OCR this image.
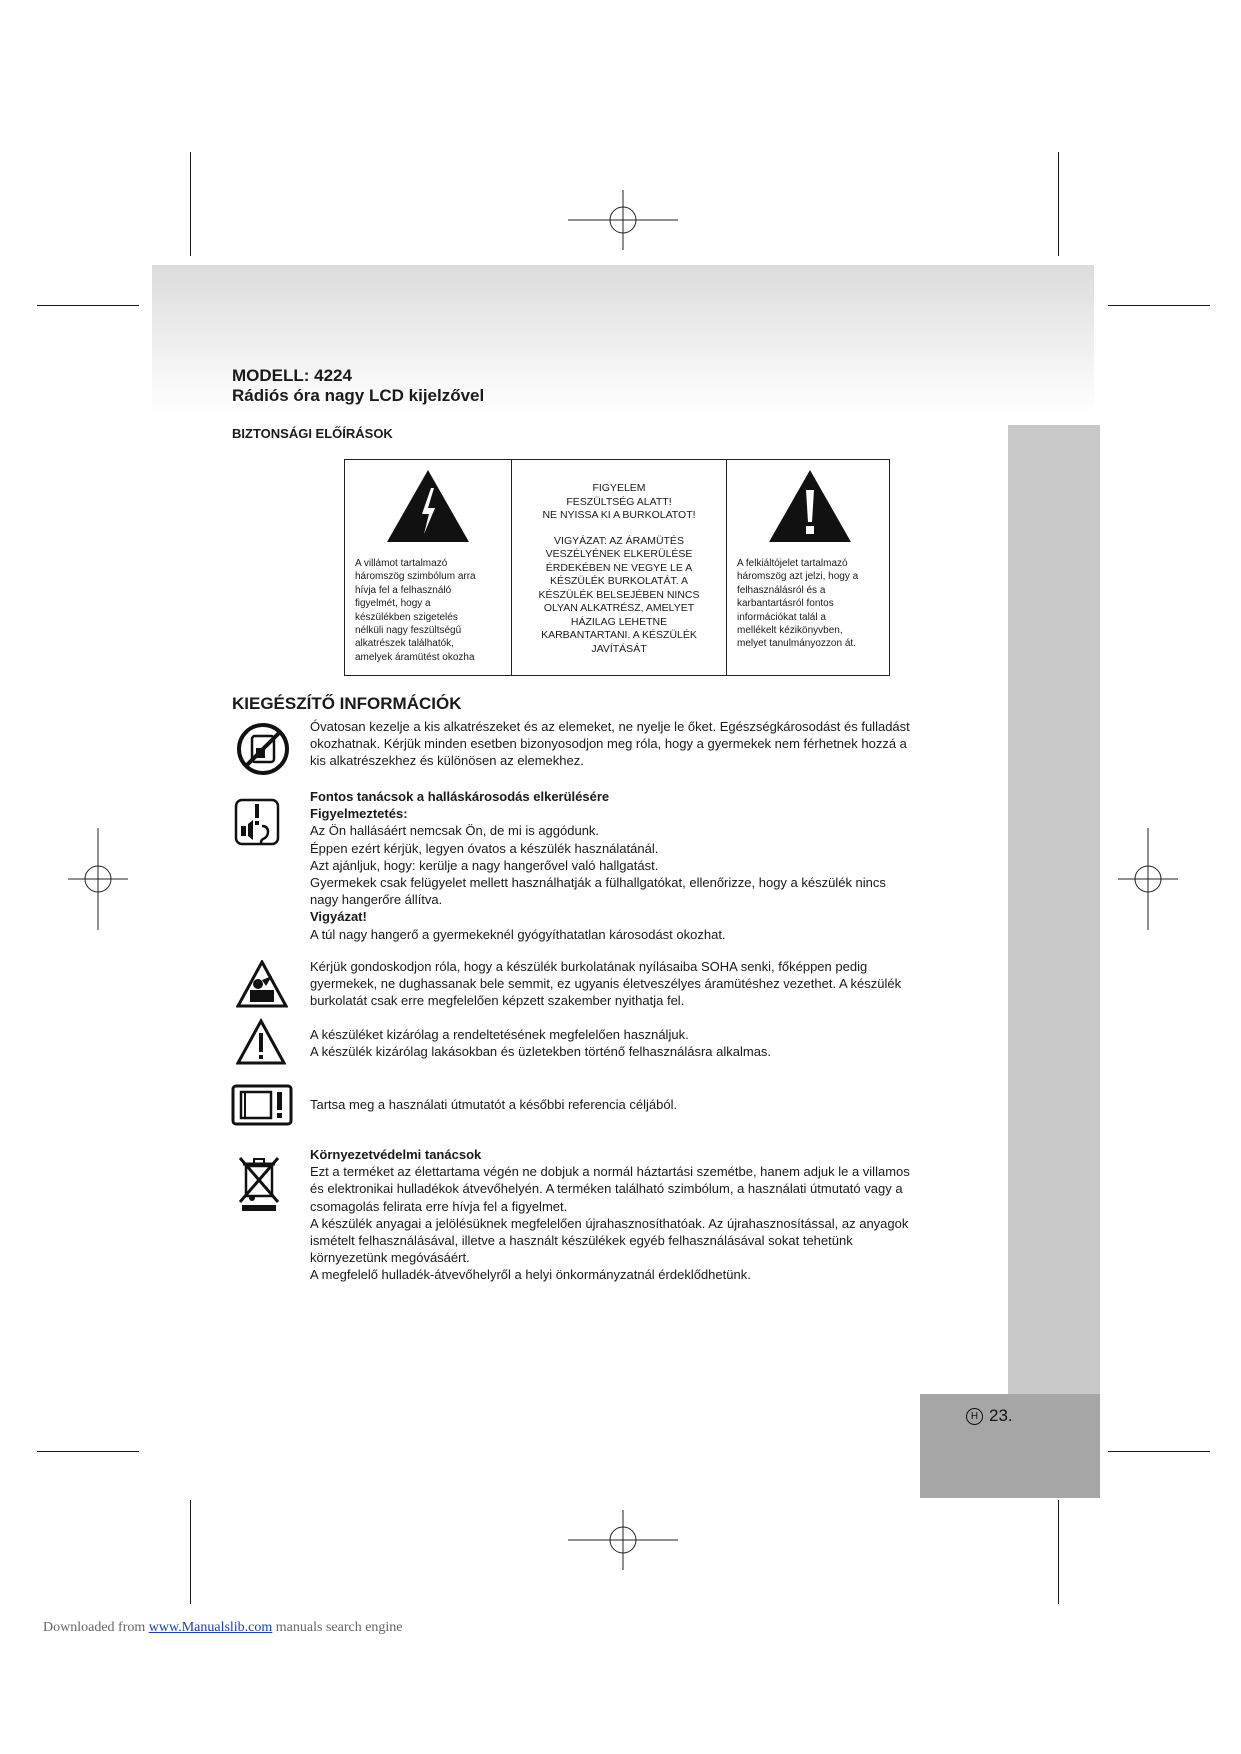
H 23.
MODELL: 4224
Rádiós óra nagy LCD kijelzővel
BIZTONSÁGI ELŐÍRÁSOK
A villámot tartalmazó
háromszög szimbólum arra
hívja fel a felhasználó
figyelmét, hogy a
készülékben szigetelés
nélküli nagy feszültségű
alkatrészek találhatók,
amelyek áramütést okozha

FIGYELEM
FESZÜLTSÉG ALATT!
NE NYISSA KI A BURKOLATOT!
VIGYÁZAT: AZ ÁRAMÜTÉS
VESZÉLYÉNEK ELKERÜLÉSE
ÉRDEKÉBEN NE VEGYE LE A
KÉSZÜLÉK BURKOLATÁT. A
KÉSZÜLÉK BELSEJÉBEN NINCS
OLYAN ALKATRÉSZ, AMELYET
HÁZILAG LEHETNE
KARBANTARTANI. A KÉSZÜLÉK
JAVÍTÁSÁT

A felkiáltójelet tartalmazó
háromszög azt jelzi, hogy a
felhasználásról és a
karbantartásról fontos
információkat talál a
mellékelt kézikönyvben,
melyet tanulmányozzon át.
KIEGÉSZÍTŐ INFORMÁCIÓK

Óvatosan kezelje a kis alkatrészeket és az elemeket, ne nyelje le őket. Egészségkárosodást és fulladást

okozhatnak. Kérjük minden esetben bizonyosodjon meg róla, hogy a gyermekek nem férhetnek hozzá a

kis alkatrészekhez és különösen az elemekhez.

Fontos tanácsok a halláskárosodás elkerülésére

Figyelmeztetés:

Az Ön hallásáért nemcsak Ön, de mi is aggódunk.

Éppen ezért kérjük, legyen óvatos a készülék használatánál.

Azt ajánljuk, hogy: kerülje a nagy hangerővel való hallgatást.

Gyermekek csak felügyelet mellett használhatják a fülhallgatókat, ellenőrizze, hogy a készülék nincs

nagy hangerőre állítva.

Vigyázat!

A túl nagy hangerő a gyermekeknél gyógyíthatatlan károsodást okozhat.

Kérjük gondoskodjon róla, hogy a készülék burkolatának nyílásaiba SOHA senki, főképpen pedig

gyermekek, ne dughassanak bele semmit, ez ugyanis életveszélyes áramütéshez vezethet. A készülék

burkolatát csak erre megfelelően képzett szakember nyithatja fel.

A készüléket kizárólag a rendeltetésének megfelelően használjuk.

A készülék kizárólag lakásokban és üzletekben történő felhasználásra alkalmas.

Tartsa meg a használati útmutatót a későbbi referencia céljából.

Környezetvédelmi tanácsok

Ezt a terméket az élettartama végén ne dobjuk a normál háztartási szemétbe, hanem adjuk le a villamos

és elektronikai hulladékok átvevőhelyén. A terméken található szimbólum, a használati útmutató vagy a

csomagolás felirata erre hívja fel a figyelmet.

A készülék anyagai a jelölésüknek megfelelően újrahasznosíthatóak. Az újrahasznosítással, az anyagok

ismételt felhasználásával, illetve a használt készülékek egyéb felhasználásával sokat tehetünk

környezetünk megóvásáért.

A megfelelő hulladék-átvevőhelyről a helyi önkormányzatnál érdeklődhetünk.

Downloaded from www.Manualslib.com manuals search engine
